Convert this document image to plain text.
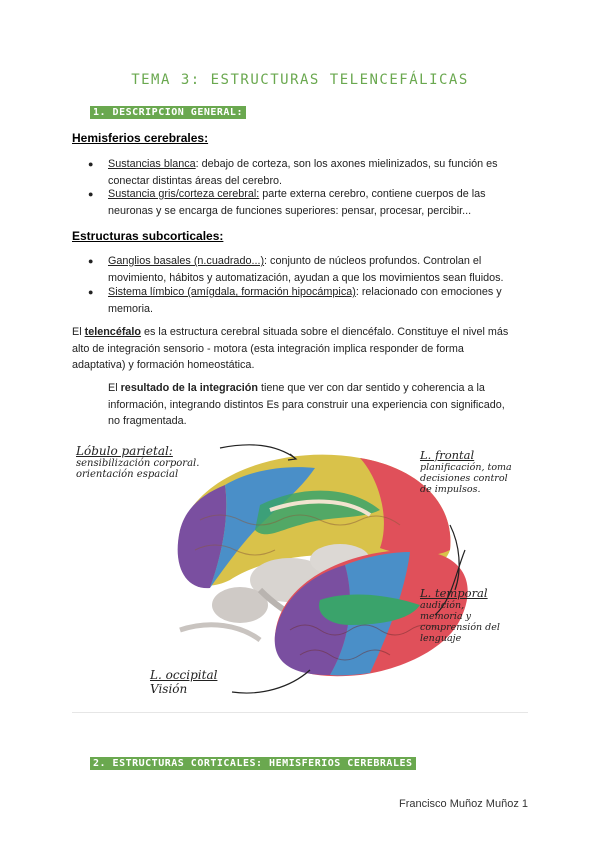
TEMA 3: ESTRUCTURAS TELENCEFÁLICAS
1. DESCRIPCION GENERAL:
Hemisferios cerebrales:
● Sustancias blanca: debajo de corteza, son los axones mielinizados, su función es
conectar distintas áreas del cerebro.
● Sustancia gris/corteza cerebral: parte externa cerebro, contiene cuerpos de las
neuronas y se encarga de funciones superiores: pensar, procesar, percibir...
Estructuras subcorticales:
● Ganglios basales (n.cuadrado...): conjunto de núcleos profundos. Controlan el
movimiento, hábitos y automatización, ayudan a que los movimientos sean fluidos.
● Sistema límbico (amígdala, formación hipocámpica): relacionado con emociones y
memoria.
El telencéfalo es la estructura cerebral situada sobre el diencéfalo. Constituye el nivel más
alto de integración sensorio - motora (esta integración implica responder de forma
adaptativa) y formación homeostática.
El resultado de la integración tiene que ver con dar sentido y coherencia a la
información, integrando distintos Es para construir una experiencia con significado,
no fragmentada.
Lóbulo parietal:
sensibilización corporal.
orientación espacial
L. frontal
planificación, toma
decisiones control
de impulsos.
L. temporal
audición,
memoria y
comprensión del
lenguaje
L. occipital
Visión
2. ESTRUCTURAS CORTICALES: HEMISFERIOS CEREBRALES
Francisco Muñoz Muñoz 1
